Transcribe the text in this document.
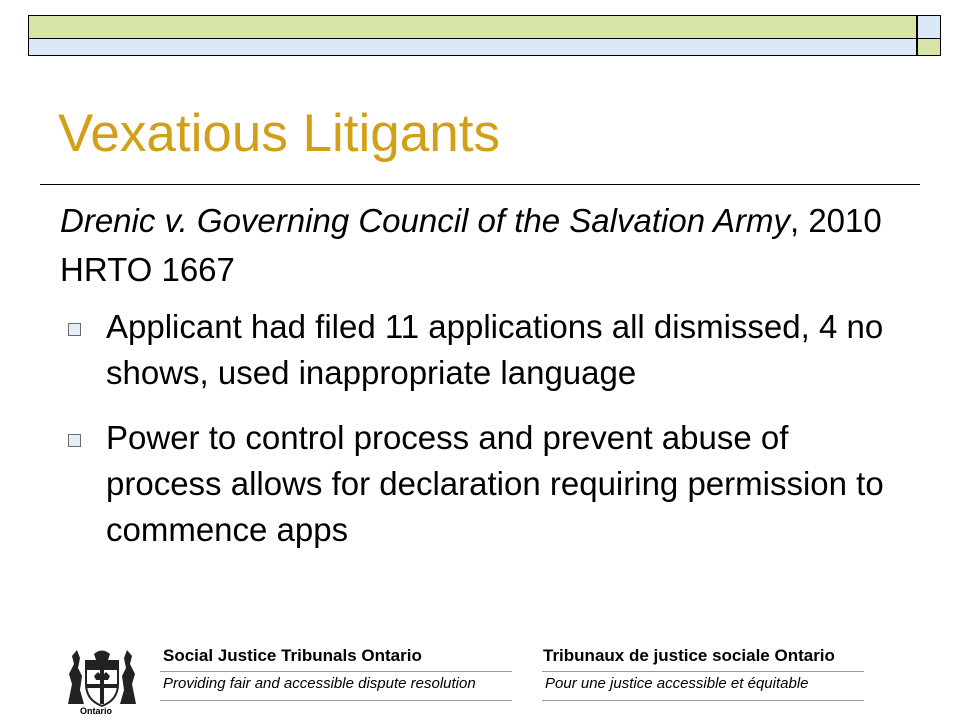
Vexatious Litigants

Drenic v. Governing Council of the Salvation Army, 2010 HRTO 1667

Applicant had filed 11 applications all dismissed, 4 no shows, used inappropriate language
Power to control process and prevent abuse of process allows for declaration requiring permission to commence apps
Ontario
Social Justice Tribunals Ontario
Providing fair and accessible dispute resolution
Tribunaux de justice sociale Ontario
Pour une justice accessible et équitable
